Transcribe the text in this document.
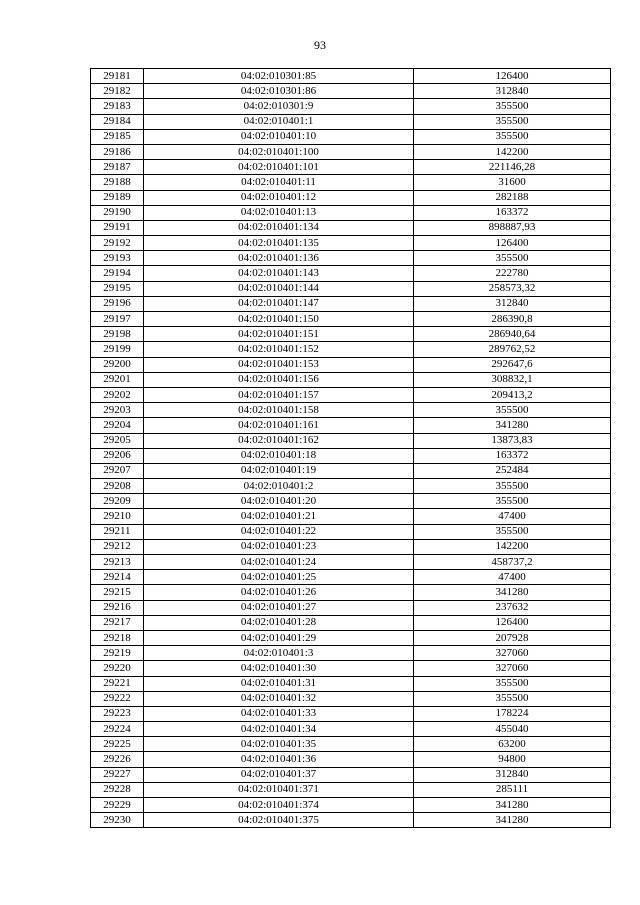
93
29181	04:02:010301:85	126400
29182	04:02:010301:86	312840
29183	04:02:010301:9	355500
29184	04:02:010401:1	355500
29185	04:02:010401:10	355500
29186	04:02:010401:100	142200
29187	04:02:010401:101	221146,28
29188	04:02:010401:11	31600
29189	04:02:010401:12	282188
29190	04:02:010401:13	163372
29191	04:02:010401:134	898887,93
29192	04:02:010401:135	126400
29193	04:02:010401:136	355500
29194	04:02:010401:143	222780
29195	04:02:010401:144	258573,32
29196	04:02:010401:147	312840
29197	04:02:010401:150	286390,8
29198	04:02:010401:151	286940,64
29199	04:02:010401:152	289762,52
29200	04:02:010401:153	292647,6
29201	04:02:010401:156	308832,1
29202	04:02:010401:157	209413,2
29203	04:02:010401:158	355500
29204	04:02:010401:161	341280
29205	04:02:010401:162	13873,83
29206	04:02:010401:18	163372
29207	04:02:010401:19	252484
29208	04:02:010401:2	355500
29209	04:02:010401:20	355500
29210	04:02:010401:21	47400
29211	04:02:010401:22	355500
29212	04:02:010401:23	142200
29213	04:02:010401:24	458737,2
29214	04:02:010401:25	47400
29215	04:02:010401:26	341280
29216	04:02:010401:27	237632
29217	04:02:010401:28	126400
29218	04:02:010401:29	207928
29219	04:02:010401:3	327060
29220	04:02:010401:30	327060
29221	04:02:010401:31	355500
29222	04:02:010401:32	355500
29223	04:02:010401:33	178224
29224	04:02:010401:34	455040
29225	04:02:010401:35	63200
29226	04:02:010401:36	94800
29227	04:02:010401:37	312840
29228	04:02:010401:371	285111
29229	04:02:010401:374	341280
29230	04:02:010401:375	341280
